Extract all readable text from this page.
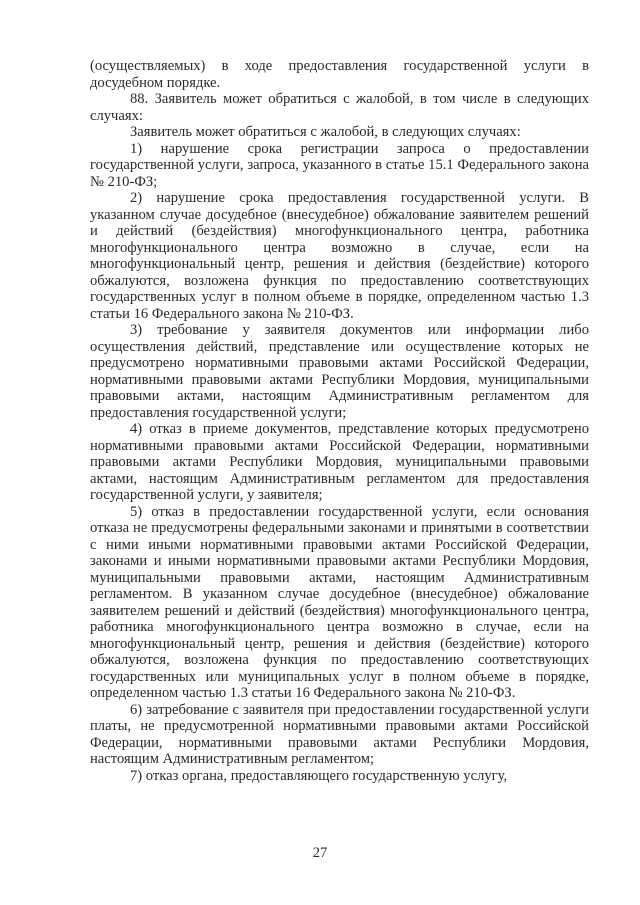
(осуществляемых) в ходе предоставления государственной услуги в досудебном порядке.

88. Заявитель может обратиться с жалобой, в том числе в следующих случаях:

Заявитель может обратиться с жалобой, в следующих случаях:

1) нарушение срока регистрации запроса о предоставлении государственной услуги, запроса, указанного в статье 15.1 Федерального закона № 210-ФЗ;

2) нарушение срока предоставления государственной услуги. В указанном случае досудебное (внесудебное) обжалование заявителем решений и действий (бездействия) многофункционального центра, работника многофункционального центра возможно в случае, если на многофункциональный центр, решения и действия (бездействие) которого обжалуются, возложена функция по предоставлению соответствующих государственных услуг в полном объеме в порядке, определенном частью 1.3 статьи 16 Федерального закона № 210-ФЗ.

3) требование у заявителя документов или информации либо осуществления действий, представление или осуществление которых не предусмотрено нормативными правовыми актами Российской Федерации, нормативными правовыми актами Республики Мордовия, муниципальными правовыми актами, настоящим Административным регламентом для предоставления государственной услуги;

4) отказ в приеме документов, представление которых предусмотрено нормативными правовыми актами Российской Федерации, нормативными правовыми актами Республики Мордовия, муниципальными правовыми актами, настоящим Административным регламентом для предоставления государственной услуги, у заявителя;

5) отказ в предоставлении государственной услуги, если основания отказа не предусмотрены федеральными законами и принятыми в соответствии с ними иными нормативными правовыми актами Российской Федерации, законами и иными нормативными правовыми актами Республики Мордовия, муниципальными правовыми актами, настоящим Административным регламентом. В указанном случае досудебное (внесудебное) обжалование заявителем решений и действий (бездействия) многофункционального центра, работника многофункционального центра возможно в случае, если на многофункциональный центр, решения и действия (бездействие) которого обжалуются, возложена функция по предоставлению соответствующих государственных или муниципальных услуг в полном объеме в порядке, определенном частью 1.3 статьи 16 Федерального закона № 210-ФЗ.

6) затребование с заявителя при предоставлении государственной услуги платы, не предусмотренной нормативными правовыми актами Российской Федерации, нормативными правовыми актами Республики Мордовия, настоящим Административным регламентом;

7) отказ органа, предоставляющего государственную услугу,

27
